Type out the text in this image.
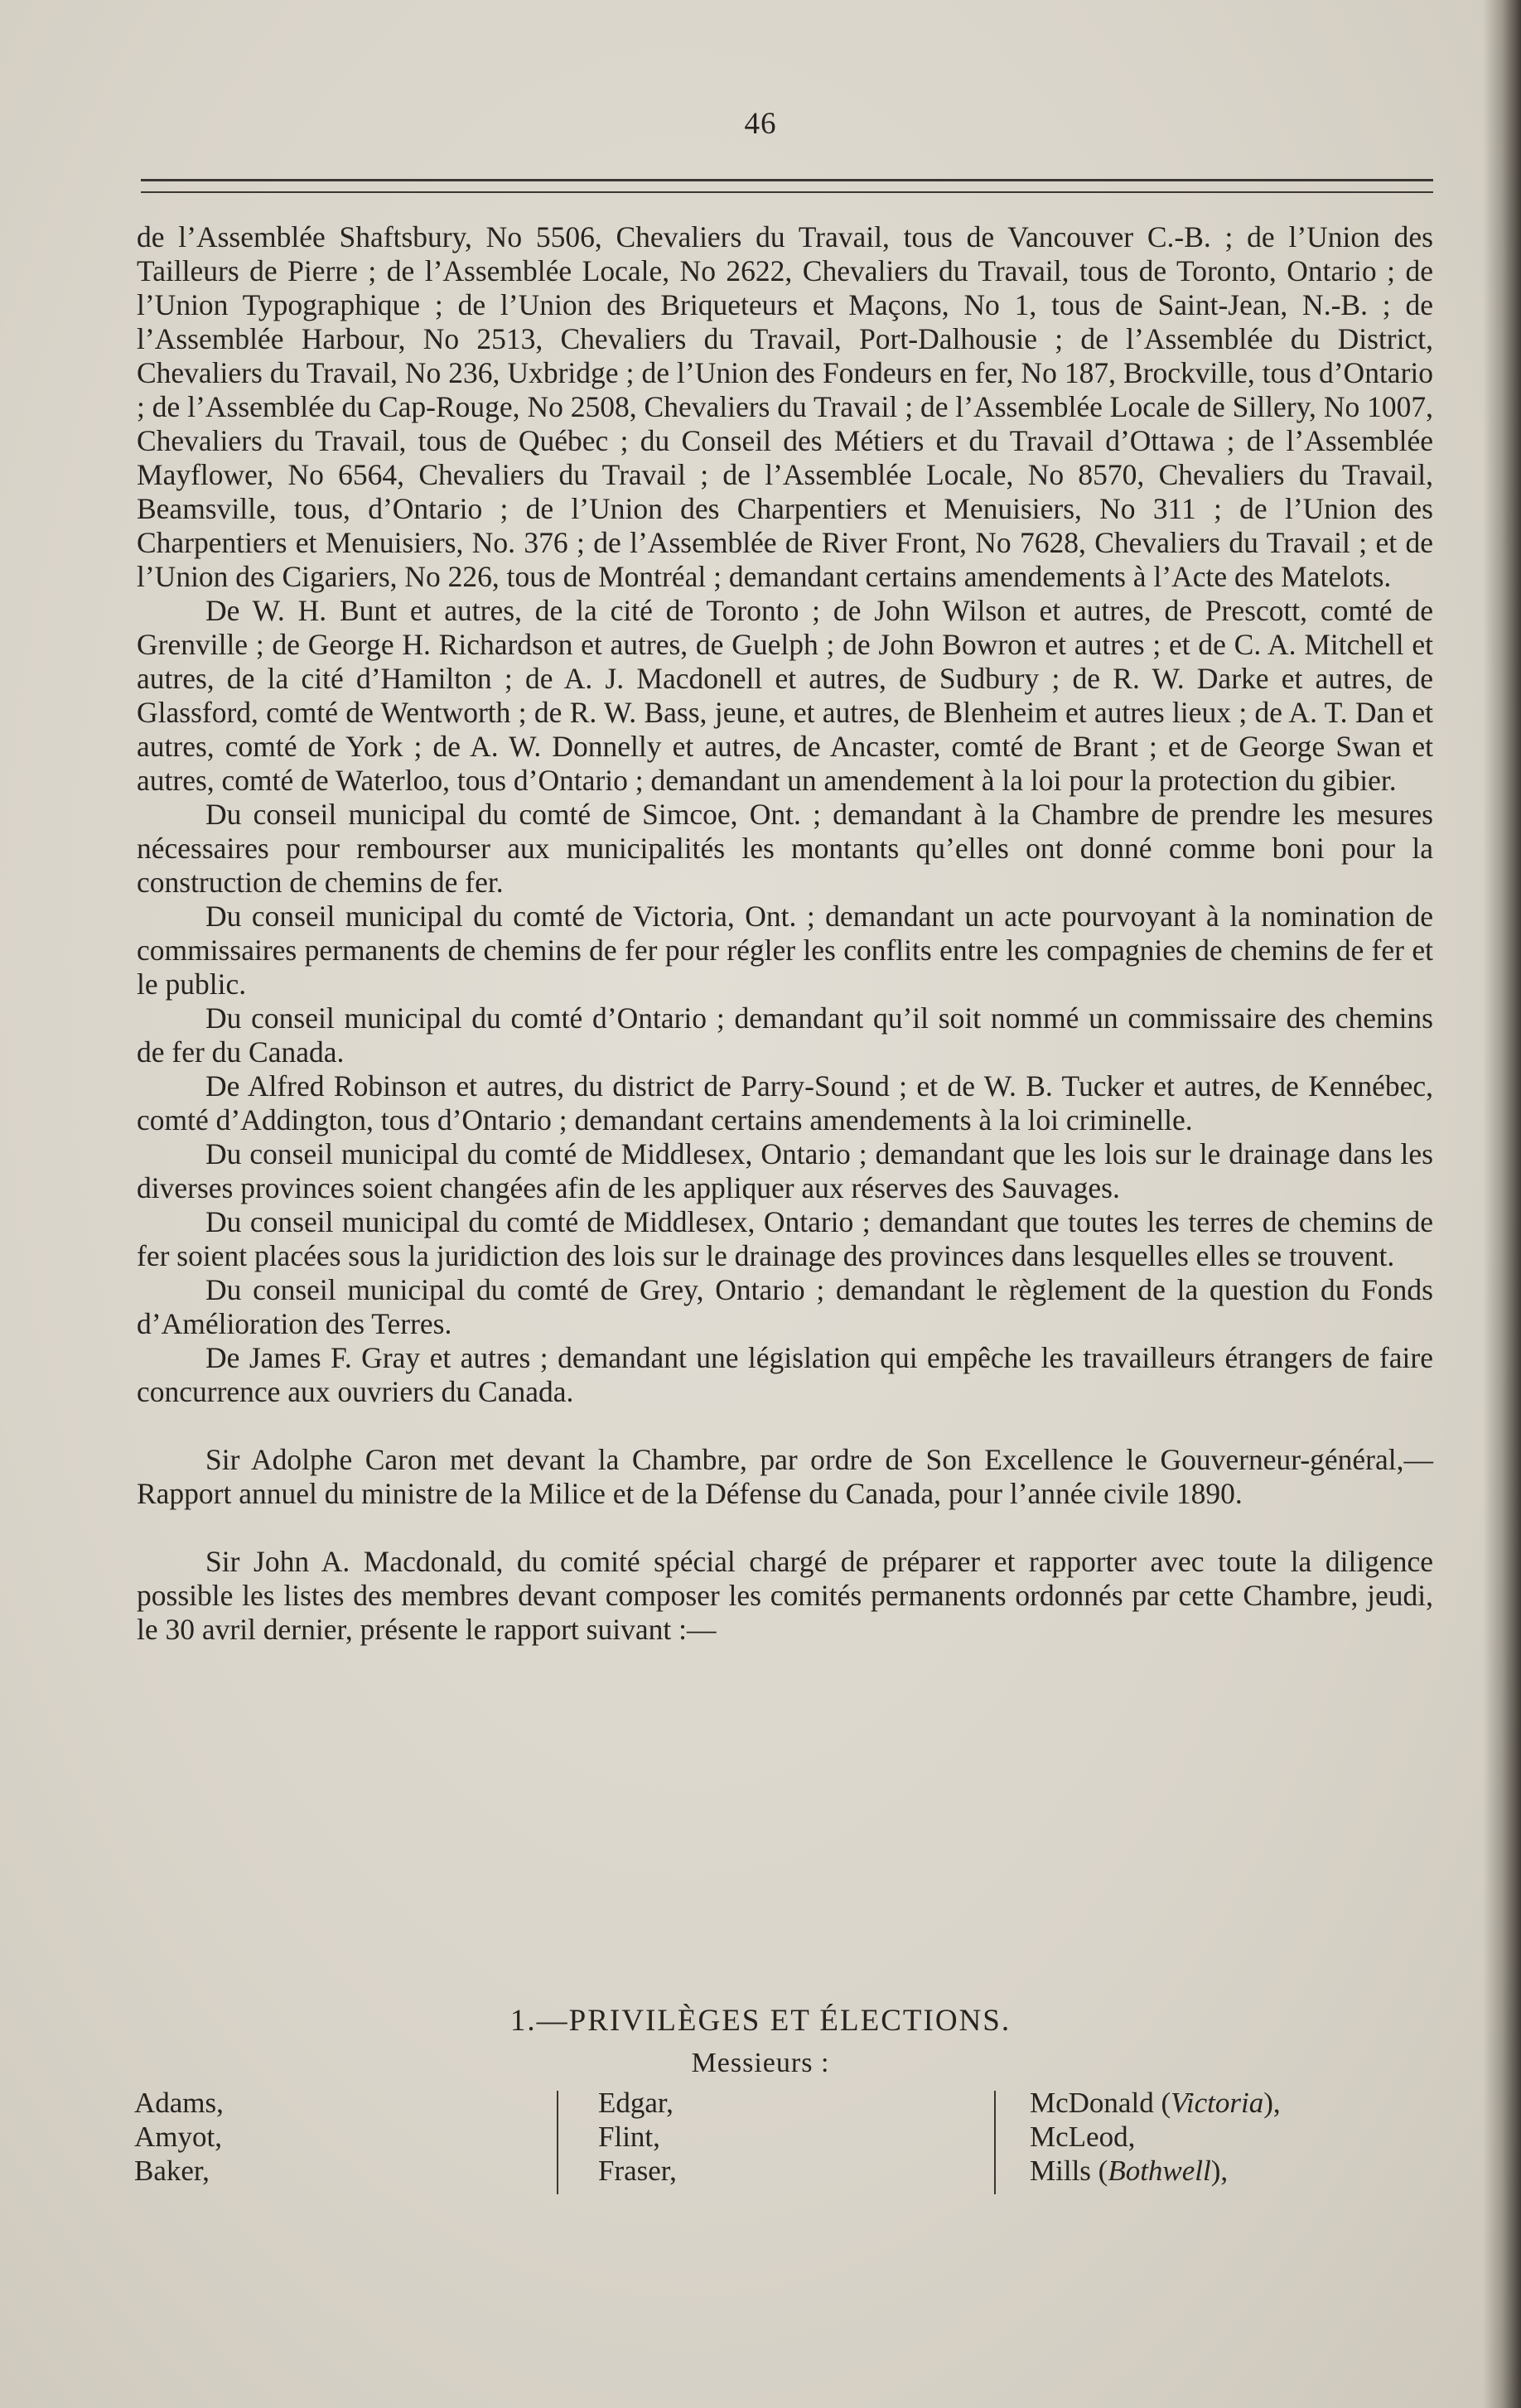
46

de l’Assemblée Shaftsbury, No 5506, Chevaliers du Travail, tous de Vancouver C.-B. ; de l’Union des Tailleurs de Pierre ; de l’Assemblée Locale, No 2622, Chevaliers du Travail, tous de Toronto, Ontario ; de l’Union Typographique ; de l’Union des Briqueteurs et Maçons, No 1, tous de Saint-Jean, N.-B. ; de l’Assemblée Harbour, No 2513, Chevaliers du Travail, Port-Dalhousie ; de l’Assemblée du District, Chevaliers du Travail, No 236, Uxbridge ; de l’Union des Fondeurs en fer, No 187, Brockville, tous d’Ontario ; de l’Assemblée du Cap-Rouge, No 2508, Chevaliers du Travail ; de l’Assemblée Locale de Sillery, No 1007, Chevaliers du Travail, tous de Québec ; du Conseil des Métiers et du Travail d’Ottawa ; de l’Assemblée Mayflower, No 6564, Chevaliers du Travail ; de l’Assemblée Locale, No 8570, Chevaliers du Travail, Beamsville, tous, d’Ontario ; de l’Union des Charpentiers et Menuisiers, No 311 ; de l’Union des Charpentiers et Menuisiers, No. 376 ; de l’Assemblée de River Front, No 7628, Chevaliers du Travail ; et de l’Union des Cigariers, No 226, tous de Montréal ; demandant certains amendements à l’Acte des Matelots.

De W. H. Bunt et autres, de la cité de Toronto ; de John Wilson et autres, de Prescott, comté de Grenville ; de George H. Richardson et autres, de Guelph ; de John Bowron et autres ; et de C. A. Mitchell et autres, de la cité d’Hamilton ; de A. J. Macdonell et autres, de Sudbury ; de R. W. Darke et autres, de Glassford, comté de Wentworth ; de R. W. Bass, jeune, et autres, de Blenheim et autres lieux ; de A. T. Dan et autres, comté de York ; de A. W. Donnelly et autres, de Ancaster, comté de Brant ; et de George Swan et autres, comté de Waterloo, tous d’Ontario ; demandant un amendement à la loi pour la protection du gibier.

Du conseil municipal du comté de Simcoe, Ont. ; demandant à la Chambre de prendre les mesures nécessaires pour rembourser aux municipalités les montants qu’elles ont donné comme boni pour la construction de chemins de fer.

Du conseil municipal du comté de Victoria, Ont. ; demandant un acte pourvoyant à la nomination de commissaires permanents de chemins de fer pour régler les conflits entre les compagnies de chemins de fer et le public.

Du conseil municipal du comté d’Ontario ; demandant qu’il soit nommé un commissaire des chemins de fer du Canada.

De Alfred Robinson et autres, du district de Parry-Sound ; et de W. B. Tucker et autres, de Kennébec, comté d’Addington, tous d’Ontario ; demandant certains amendements à la loi criminelle.

Du conseil municipal du comté de Middlesex, Ontario ; demandant que les lois sur le drainage dans les diverses provinces soient changées afin de les appliquer aux réserves des Sauvages.

Du conseil municipal du comté de Middlesex, Ontario ; demandant que toutes les terres de chemins de fer soient placées sous la juridiction des lois sur le drainage des provinces dans lesquelles elles se trouvent.

Du conseil municipal du comté de Grey, Ontario ; demandant le règlement de la question du Fonds d’Amélioration des Terres.

De James F. Gray et autres ; demandant une législation qui empêche les travailleurs étrangers de faire concurrence aux ouvriers du Canada.

Sir Adolphe Caron met devant la Chambre, par ordre de Son Excellence le Gouverneur-général,—Rapport annuel du ministre de la Milice et de la Défense du Canada, pour l’année civile 1890.

Sir John A. Macdonald, du comité spécial chargé de préparer et rapporter avec toute la diligence possible les listes des membres devant composer les comités permanents ordonnés par cette Chambre, jeudi, le 30 avril dernier, présente le rapport suivant :—

1.—PRIVILÈGES ET ÉLECTIONS.
Messieurs :
Adams,
Amyot,
Baker,
Edgar,
Flint,
Fraser,
McDonald (Victoria),
McLeod,
Mills (Bothwell),
